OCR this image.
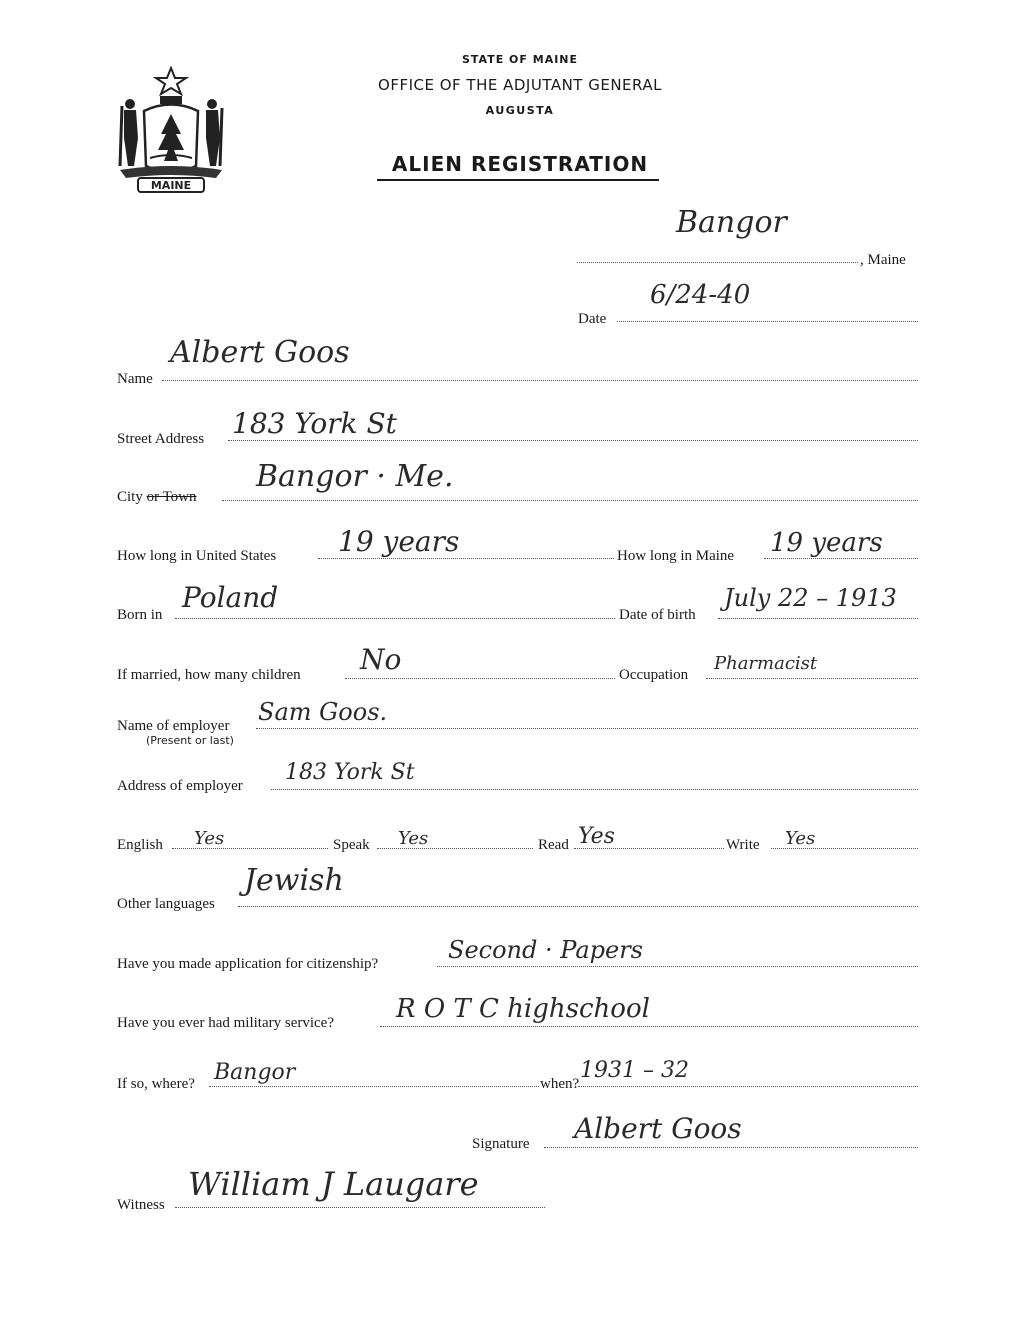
MAINE
STATE OF MAINE
OFFICE OF THE ADJUTANT GENERAL
AUGUSTA
ALIEN REGISTRATION
Bangor
, Maine
Date
6/24-40
Name
Albert Goos
Street Address 183 York St
City or Town
Bangor · Me.
How long in United States 19 years	How long in Maine 19 years
Born in
Poland
Date of birth
July 22 – 1913
If married, how many children No	Occupation
Pharmacist
Name of employer
(Present or last)
Sam Goos.
Address of employer
183 York St
English Yes	Speak Yes	Read Yes	Write Yes
Other languages
Jewish
Have you made application for citizenship?	Second · Papers
Have you ever had military service? R O T C highschool
If so, where? Bangor	when?
1931 – 32
Signature Albert Goos
Witness
William J Laugare
